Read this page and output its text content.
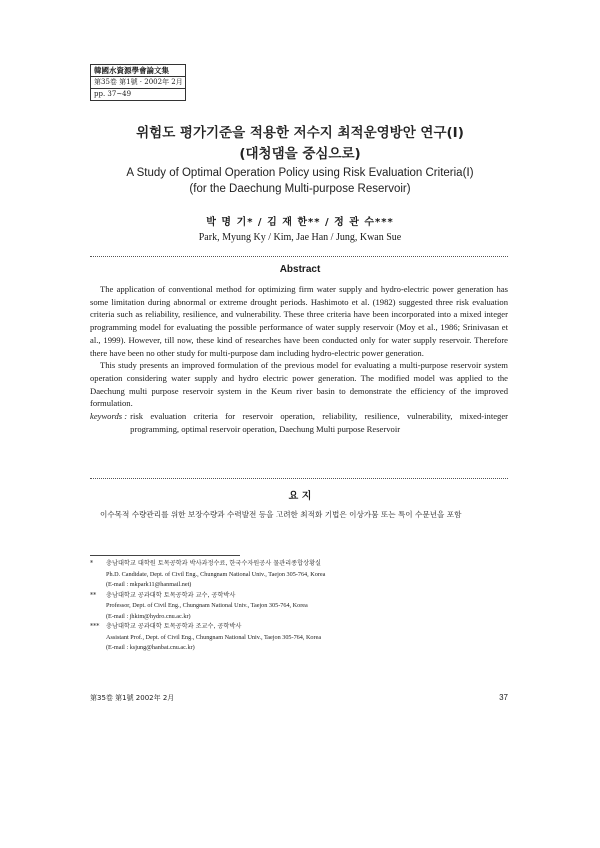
韓國水資源學會論文集
第35卷 第1號 · 2002年 2月
pp. 37~49
위험도 평가기준을 적용한 저수지 최적운영방안 연구(Ⅰ)
(대청댐을 중심으로)
A Study of Optimal Operation Policy using Risk Evaluation Criteria(Ⅰ)
(for the Daechung Multi-purpose Reservoir)
박 명 기* / 김 재 한** / 정 관 수***
Park, Myung Ky / Kim, Jae Han / Jung, Kwan Sue
Abstract

The application of conventional method for optimizing firm water supply and hydro-electric power generation has some limitation during abnormal or extreme drought periods. Hashimoto et al. (1982) suggested three risk evaluation criteria such as reliability, resilience, and vulnerability. These three criteria have been incorporated into a mixed integer programming model for evaluating the possible performance of water supply reservoir (Moy et al., 1986; Srinivasan et al., 1999). However, till now, these kind of researches have been conducted only for water supply reservoir. Therefore there have been no other study for multi-purpose dam including hydro-electric power generation.

This study presents an improved formulation of the previous model for evaluating a multi-purpose reservoir system operation considering water supply and hydro electric power generation. The modified model was applied to the Daechung multi purpose reservoir system in the Keum river basin to demonstrate the efficiency of the improved formulation.

keywords : risk evaluation criteria for reservoir operation, reliability, resilience, vulnerability, mixed-integer programming, optimal reservoir operation, Daechung Multi purpose Reservoir
요 지
이수목적 수량관리를 위한 보장수량과 수력발전 등을 고려한 최적화 기법은 이상가뭄 또는 특이 수문년을 포함
*	충남대학교 대학원 토목공학과 박사과정수료, 한국수자원공사 물관리종합상황실
Ph.D. Candidate, Dept. of Civil Eng., Chungnam National Univ., Taejon 305-764, Korea
(E-mail : mkpark11@hanmail.net)
**	충남대학교 공과대학 토목공학과 교수, 공학박사
Professor, Dept. of Civil Eng., Chungnam National Univ., Taejon 305-764, Korea
(E-mail : jhkim@hydro.cnu.ac.kr)
***	충남대학교 공과대학 토목공학과 조교수, 공학박사
Assistant Prof., Dept. of Civil Eng., Chungnam National Univ., Taejon 305-764, Korea
(E-mail : ksjung@hanbat.cnu.ac.kr)
第35卷 第1號 2002年 2月	37
